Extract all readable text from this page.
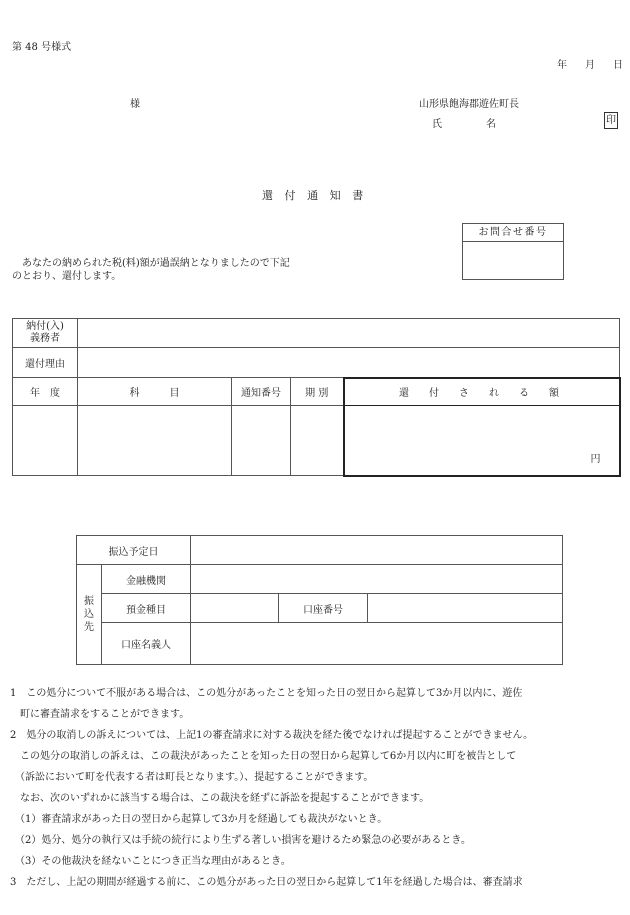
第 48 号様式
年　月　日
様	山形県飽海郡遊佐町長
氏　　　名	印
還付通知書
お問合せ番号
あなたの納められた税(料)額が過誤納となりましたので下記
のとおり、還付します。
納付(入)
義務者				

還付理由				
年　度	科　　　目	通知番号	期 別	還　付　さ　れ　る　額
				円
振込予定日				

振
込
先	金融機関			
	預金種目		口座番号	
	口座名義人			

1　この処分について不服がある場合は、この処分があったことを知った日の翌日から起算して3か月以内に、遊佐

　町に審査請求をすることができます。

2　処分の取消しの訴えについては、上記1の審査請求に対する裁決を経た後でなければ提起することができません。

　この処分の取消しの訴えは、この裁決があったことを知った日の翌日から起算して6か月以内に町を被告として

　（訴訟において町を代表する者は町長となります。）、提起することができます。

　なお、次のいずれかに該当する場合は、この裁決を経ずに訴訟を提起することができます。

　（1）審査請求があった日の翌日から起算して3か月を経過しても裁決がないとき。

　（2）処分、処分の執行又は手続の続行により生ずる著しい損害を避けるため緊急の必要があるとき。

　（3）その他裁決を経ないことにつき正当な理由があるとき。

3　ただし、上記の期間が経過する前に、この処分があった日の翌日から起算して1年を経過した場合は、審査請求
